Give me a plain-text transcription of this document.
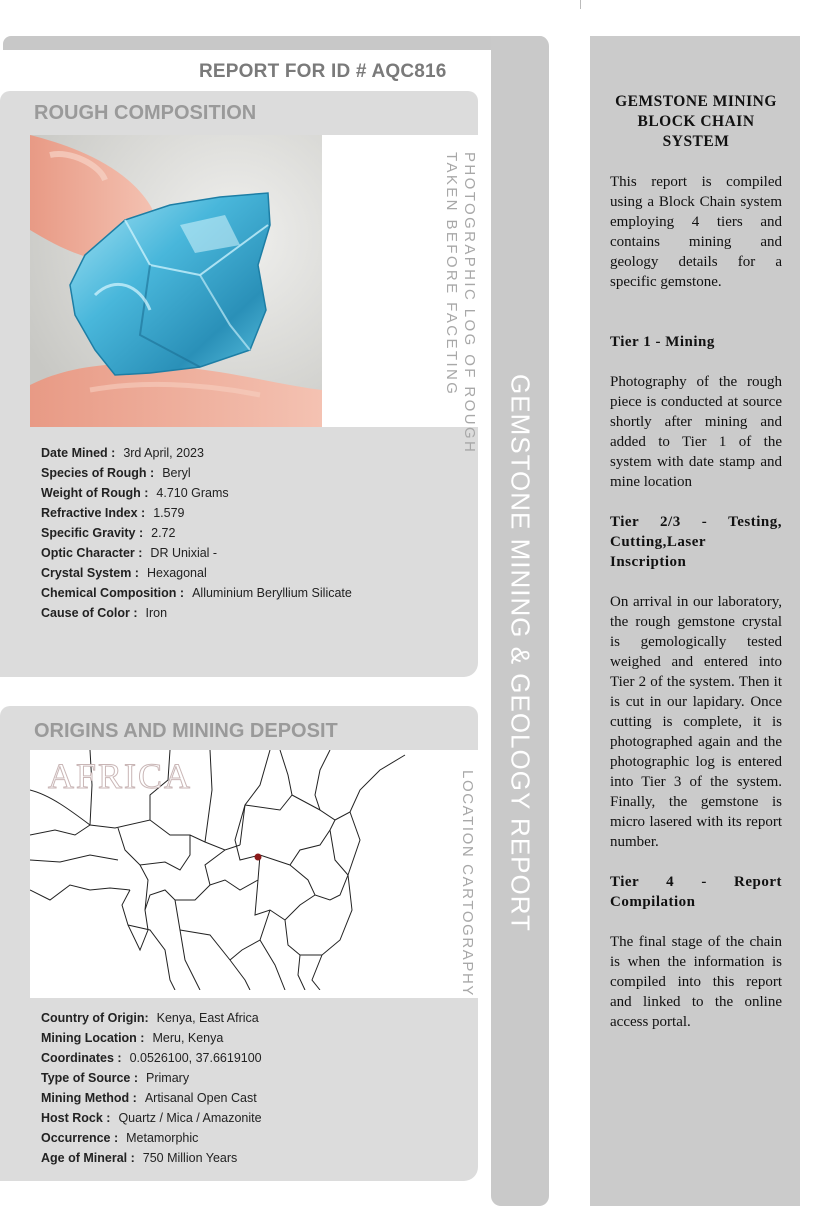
GEMSTONE MINING & GEOLOGY REPORT
REPORT FOR ID # AQC816
ROUGH COMPOSITION
PHOTOGRAPHIC LOG OF ROUGH
TAKEN BEFORE FACETING
Date Mined : 3rd April, 2023
Species of Rough : Beryl
Weight of Rough : 4.710 Grams
Refractive Index : 1.579
Specific Gravity : 2.72
Optic Character : DR Unixial -
Crystal System : Hexagonal
Chemical Composition : Alluminium Beryllium Silicate
Cause of Color : Iron
ORIGINS AND MINING DEPOSIT
AFRICA	LOCATION CARTOGRAPHY
Country of Origin: Kenya, East Africa
Mining Location : Meru, Kenya
Coordinates : 0.0526100, 37.6619100
Type of Source : Primary
Mining Method : Artisanal Open Cast
Host Rock : Quartz / Mica / Amazonite
Occurrence : Metamorphic
Age of Mineral : 750 Million Years
GEMSTONE MINING BLOCK CHAIN SYSTEM

This report is compiled using a Block Chain system employing 4 tiers and contains mining and geology details for a specific gemstone.

Tier 1 - Mining

Photography of the rough piece is conducted at source shortly after mining and added to Tier 1 of the system with date stamp and mine location

Tier 2/3 - Testing, Cutting,Laser Inscription

On arrival in our laboratory, the rough gemstone crystal is gemologically tested weighed and entered into Tier 2 of the system. Then it is cut in our lapidary. Once cutting is complete, it is photographed again and the photographic log is entered into Tier 3 of the system. Finally, the gemstone is micro lasered with its report number.

Tier 4 - Report Compilation

The final stage of the chain is when the information is compiled into this report and linked to the online access portal.
